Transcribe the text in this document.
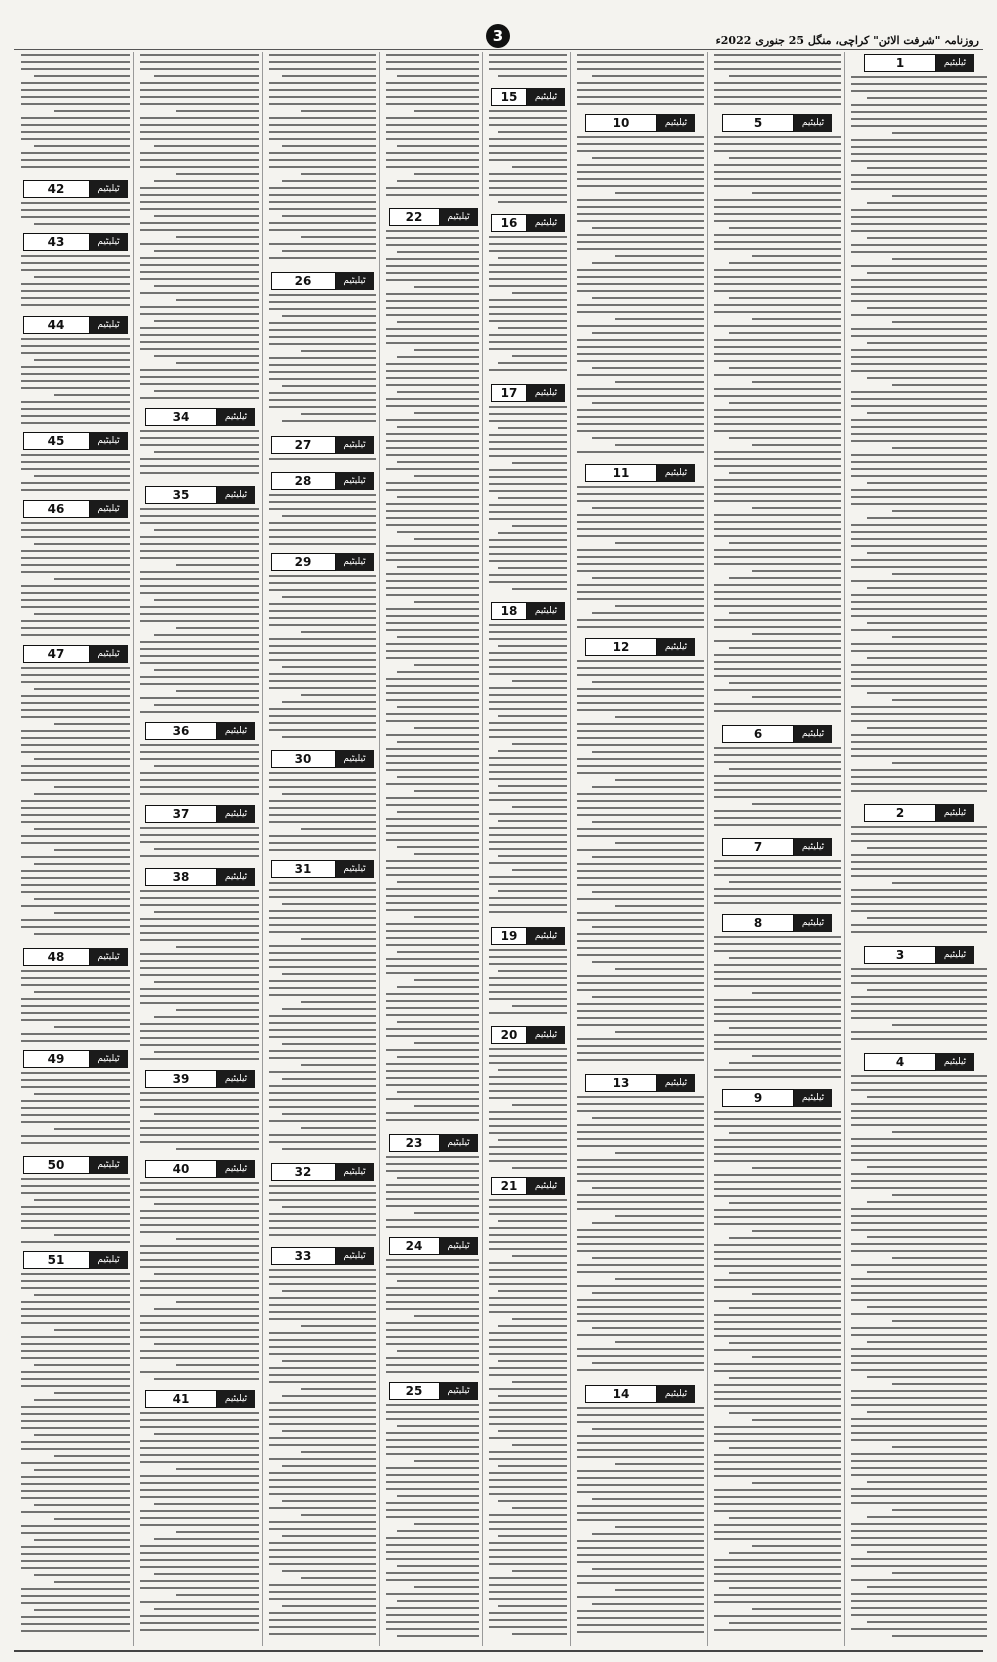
3	روزنامہ "شرفت الائن" کراچی، منگل 25 جنوری 2022ء
1	ٹیلیٹیم
2	ٹیلیٹیم
3	ٹیلیٹیم
4	ٹیلیٹیم
5	ٹیلیٹیم
6	ٹیلیٹیم
7	ٹیلیٹیم
8	ٹیلیٹیم
9	ٹیلیٹیم
10	ٹیلیٹیم
11	ٹیلیٹیم
12	ٹیلیٹیم
13	ٹیلیٹیم
14	ٹیلیٹیم
15	ٹیلیٹیم
16	ٹیلیٹیم
17	ٹیلیٹیم
18	ٹیلیٹیم
19	ٹیلیٹیم
20	ٹیلیٹیم
21	ٹیلیٹیم
22	ٹیلیٹیم
23	ٹیلیٹیم
24	ٹیلیٹیم
25	ٹیلیٹیم
26	ٹیلیٹیم
27	ٹیلیٹیم
28	ٹیلیٹیم
29	ٹیلیٹیم
30	ٹیلیٹیم
31	ٹیلیٹیم
32	ٹیلیٹیم
33	ٹیلیٹیم
34	ٹیلیٹیم
35	ٹیلیٹیم
36	ٹیلیٹیم
37	ٹیلیٹیم
38	ٹیلیٹیم
39	ٹیلیٹیم
40	ٹیلیٹیم
41	ٹیلیٹیم
42	ٹیلیٹیم
43	ٹیلیٹیم
44	ٹیلیٹیم
45	ٹیلیٹیم
46	ٹیلیٹیم
47	ٹیلیٹیم
48	ٹیلیٹیم
49	ٹیلیٹیم
50	ٹیلیٹیم
51	ٹیلیٹیم
